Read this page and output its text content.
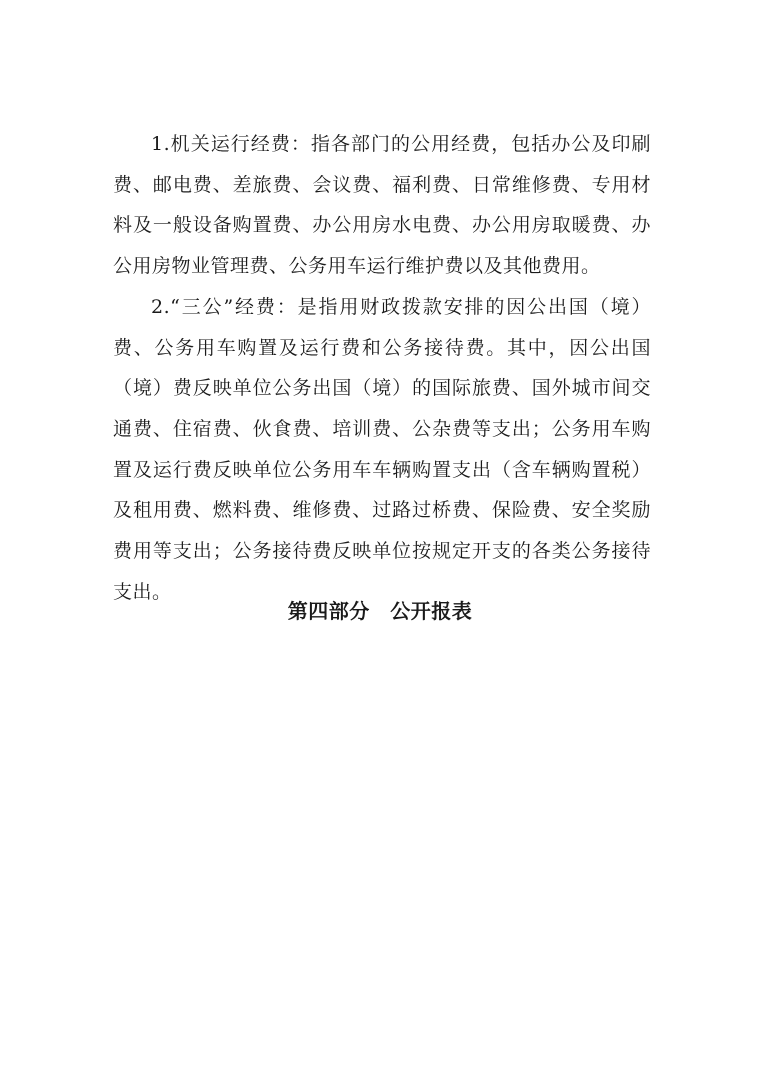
1.机关运行经费：指各部门的公用经费，包括办公及印刷费、邮电费、差旅费、会议费、福利费、日常维修费、专用材料及一般设备购置费、办公用房水电费、办公用房取暖费、办公用房物业管理费、公务用车运行维护费以及其他费用。

2.“三公”经费：是指用财政拨款安排的因公出国（境）费、公务用车购置及运行费和公务接待费。其中，因公出国（境）费反映单位公务出国（境）的国际旅费、国外城市间交通费、住宿费、伙食费、培训费、公杂费等支出；公务用车购置及运行费反映单位公务用车车辆购置支出（含车辆购置税）及租用费、燃料费、维修费、过路过桥费、保险费、安全奖励费用等支出；公务接待费反映单位按规定开支的各类公务接待支出。

第四部分　公开报表
